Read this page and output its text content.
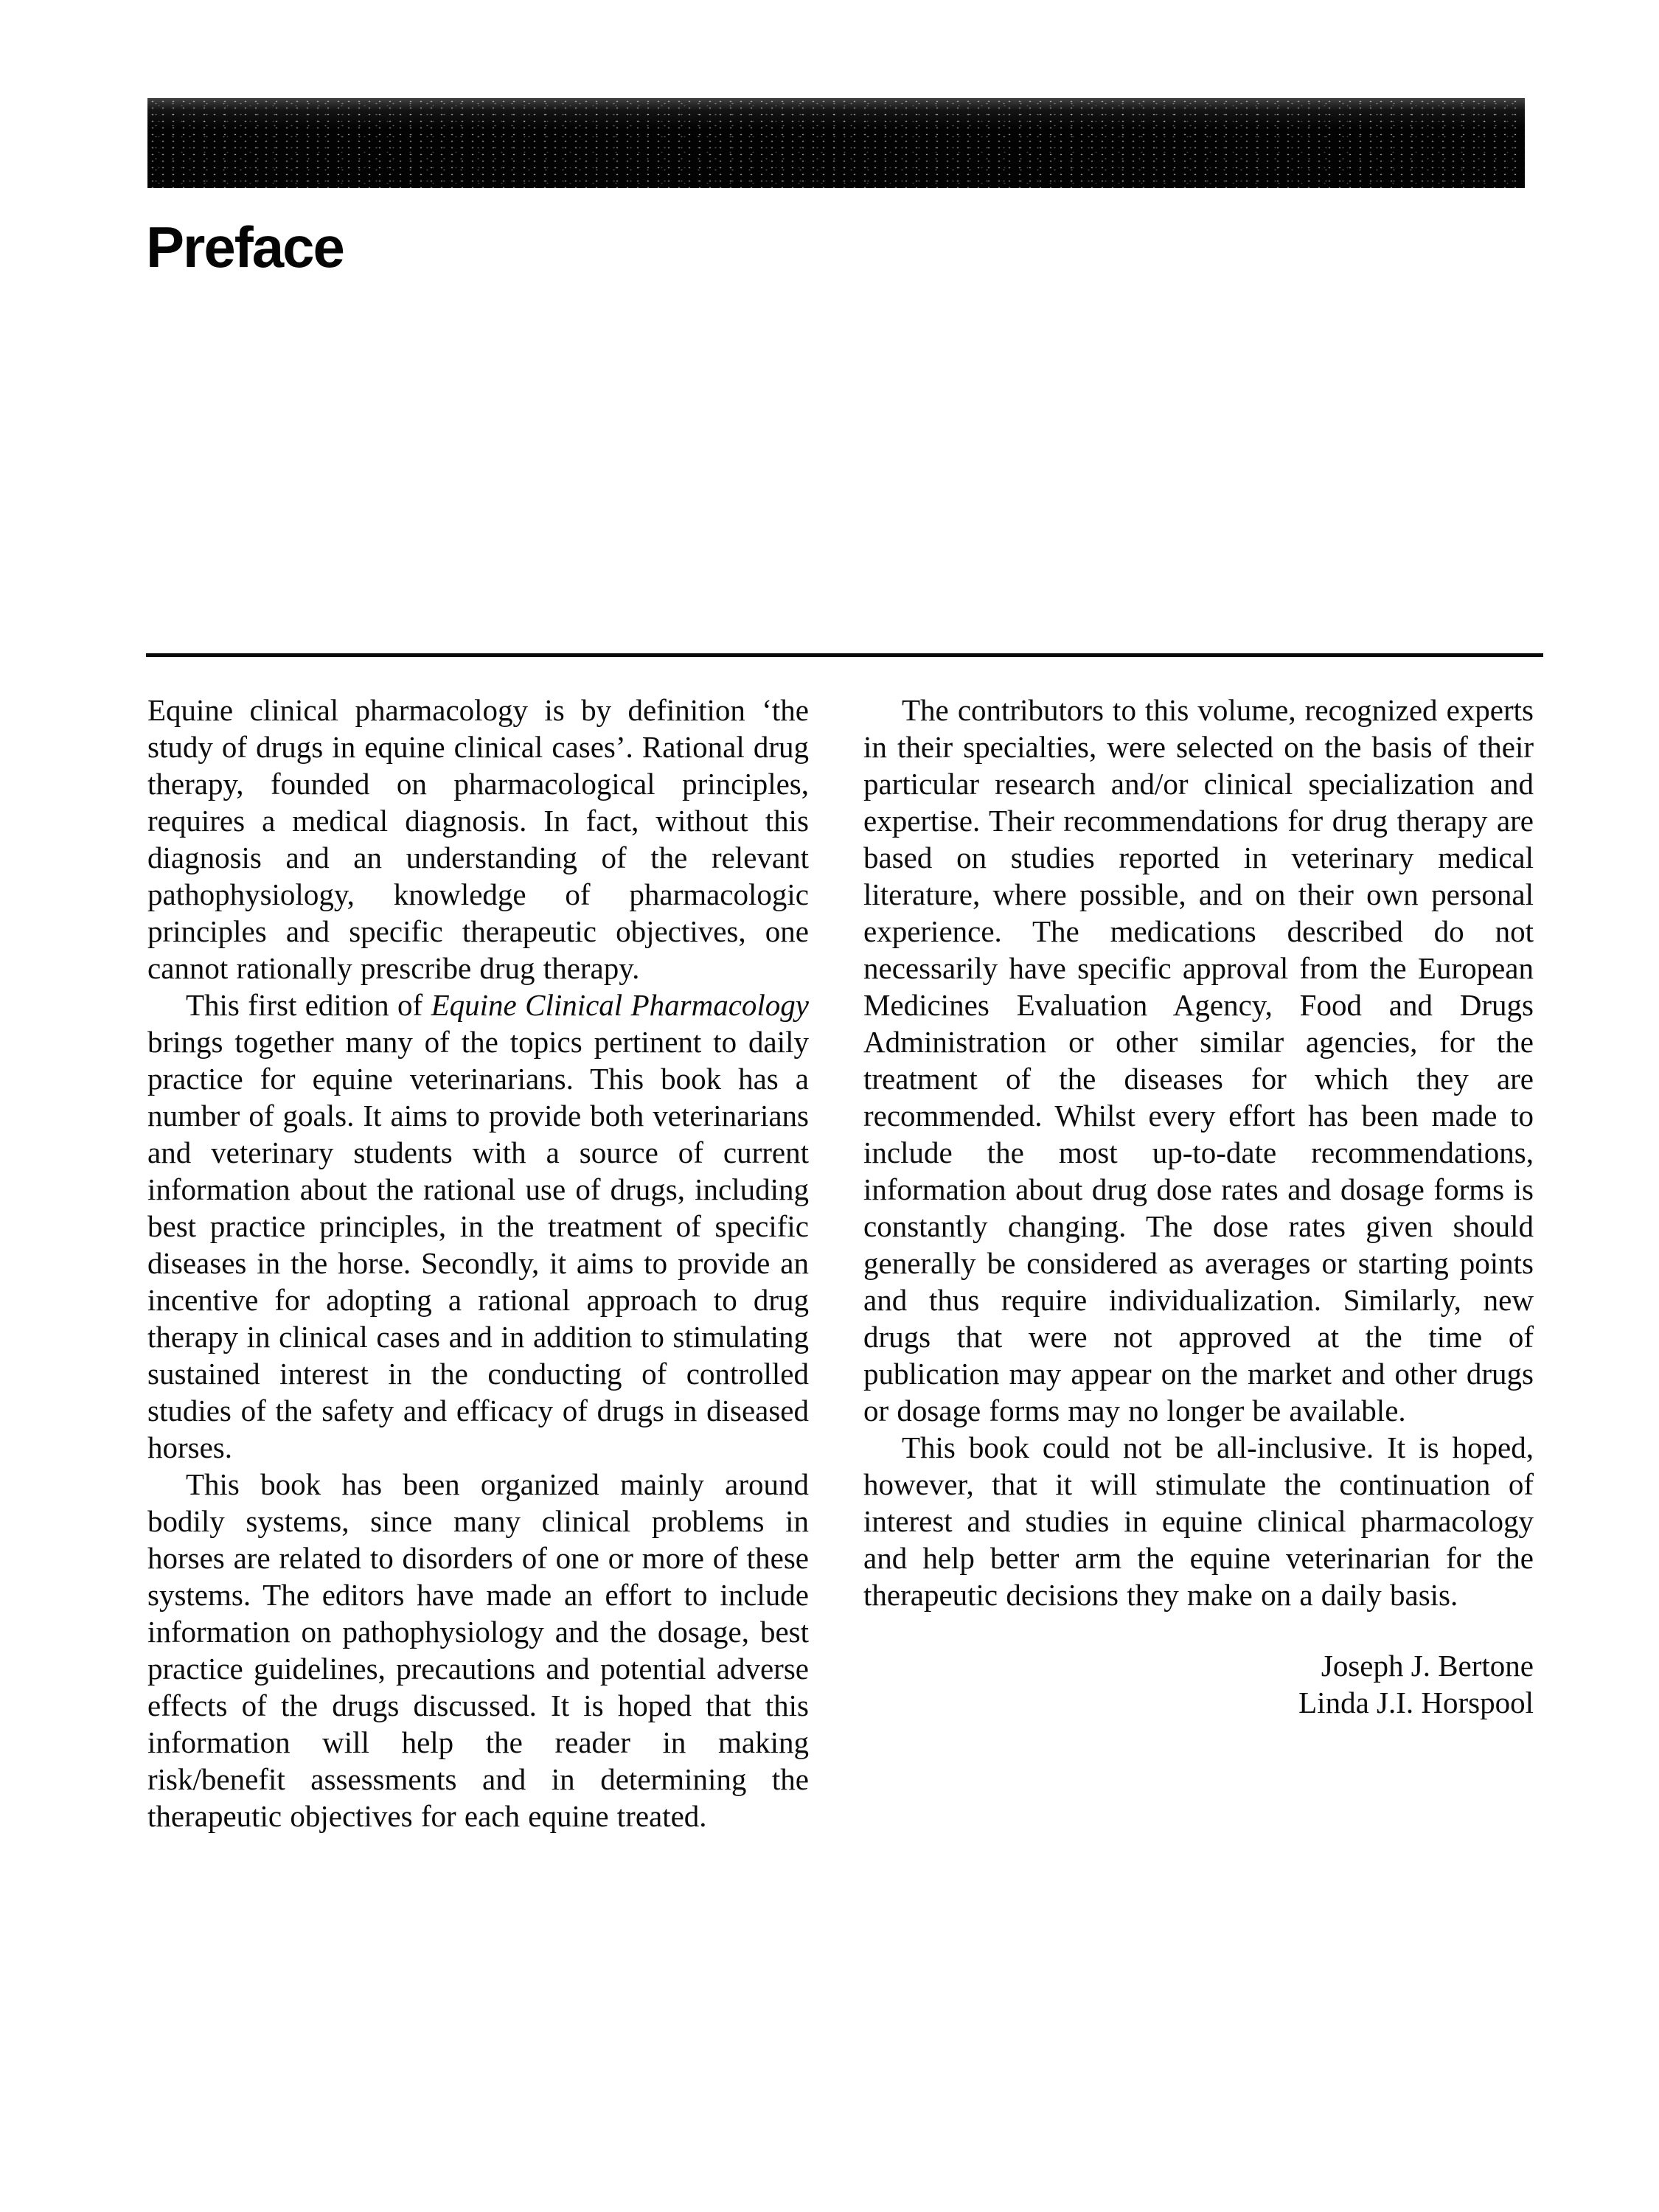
Preface

Equine clinical pharmacology is by definition ‘the study of drugs in equine clinical cases’. Rational drug therapy, founded on pharmacological principles, requires a medical diagnosis. In fact, without this diagnosis and an understanding of the relevant pathophysiology, knowledge of pharmacologic principles and specific therapeutic objectives, one cannot rationally prescribe drug therapy.

This first edition of Equine Clinical Pharmacology brings together many of the topics pertinent to daily practice for equine veterinarians. This book has a number of goals. It aims to provide both veterinarians and veterinary students with a source of current information about the rational use of drugs, including best practice principles, in the treatment of specific diseases in the horse. Secondly, it aims to provide an incentive for adopting a rational approach to drug therapy in clinical cases and in addition to stimulating sustained interest in the conducting of controlled studies of the safety and efficacy of drugs in diseased horses.

This book has been organized mainly around bodily systems, since many clinical problems in horses are related to disorders of one or more of these systems. The editors have made an effort to include information on pathophysiology and the dosage, best practice guidelines, precautions and potential adverse effects of the drugs discussed. It is hoped that this information will help the reader in making risk/benefit assessments and in determining the therapeutic objectives for each equine treated.

The contributors to this volume, recognized experts in their specialties, were selected on the basis of their particular research and/or clinical specialization and expertise. Their recommendations for drug therapy are based on studies reported in veterinary medical literature, where possible, and on their own personal experience. The medications described do not necessarily have specific approval from the European Medicines Evaluation Agency, Food and Drugs Administration or other similar agencies, for the treatment of the diseases for which they are recommended. Whilst every effort has been made to include the most up-to-date recommendations, information about drug dose rates and dosage forms is constantly changing. The dose rates given should generally be considered as averages or starting points and thus require individualization. Similarly, new drugs that were not approved at the time of publication may appear on the market and other drugs or dosage forms may no longer be available.

This book could not be all-inclusive. It is hoped, however, that it will stimulate the continuation of interest and studies in equine clinical pharmacology and help better arm the equine veterinarian for the therapeutic decisions they make on a daily basis.

Joseph J. Bertone
Linda J.I. Horspool
